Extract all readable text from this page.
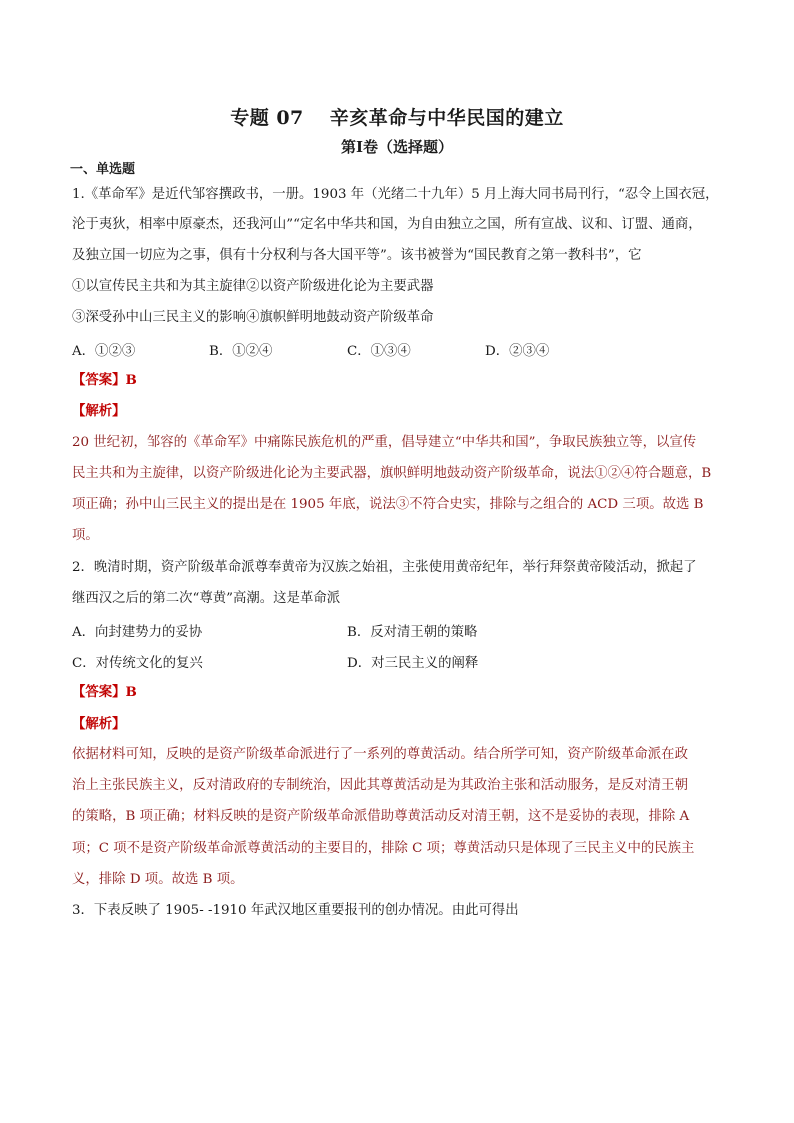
专题 07 辛亥革命与中华民国的建立
第Ⅰ卷（选择题）
一、单选题
1.《革命军》是近代邹容撰政书，一册。1903 年（光绪二十九年）5 月上海大同书局刊行，“忍令上国衣冠，
沦于夷狄，相率中原豪杰，还我河山”“定名中华共和国，为自由独立之国，所有宣战、议和、订盟、通商，
及独立国一切应为之事，俱有十分权利与各大国平等”。该书被誉为“国民教育之第一教科书”，它
①以宣传民主共和为其主旋律②以资产阶级进化论为主要武器
③深受孙中山三民主义的影响④旗帜鲜明地鼓动资产阶级革命
A．①②③	B．①②④	C．①③④	D．②③④
【答案】B
【解析】
20 世纪初，邹容的《革命军》中痛陈民族危机的严重，倡导建立“中华共和国”，争取民族独立等，以宣传
民主共和为主旋律，以资产阶级进化论为主要武器，旗帜鲜明地鼓动资产阶级革命，说法①②④符合题意，B
项正确；孙中山三民主义的提出是在 1905 年底，说法③不符合史实，排除与之组合的 ACD 三项。故选 B
项。
2．晚清时期，资产阶级革命派尊奉黄帝为汉族之始祖，主张使用黄帝纪年，举行拜祭黄帝陵活动，掀起了
继西汉之后的第二次“尊黄”高潮。这是革命派
A．向封建势力的妥协	B．反对清王朝的策略
C．对传统文化的复兴	D．对三民主义的阐释
【答案】B
【解析】
依据材料可知，反映的是资产阶级革命派进行了一系列的尊黄活动。结合所学可知，资产阶级革命派在政
治上主张民族主义，反对清政府的专制统治，因此其尊黄活动是为其政治主张和活动服务，是反对清王朝
的策略，B 项正确；材料反映的是资产阶级革命派借助尊黄活动反对清王朝，这不是妥协的表现，排除 A
项；C 项不是资产阶级革命派尊黄活动的主要目的，排除 C 项；尊黄活动只是体现了三民主义中的民族主
义，排除 D 项。故选 B 项。
3．下表反映了 1905- -1910 年武汉地区重要报刊的创办情况。由此可得出
